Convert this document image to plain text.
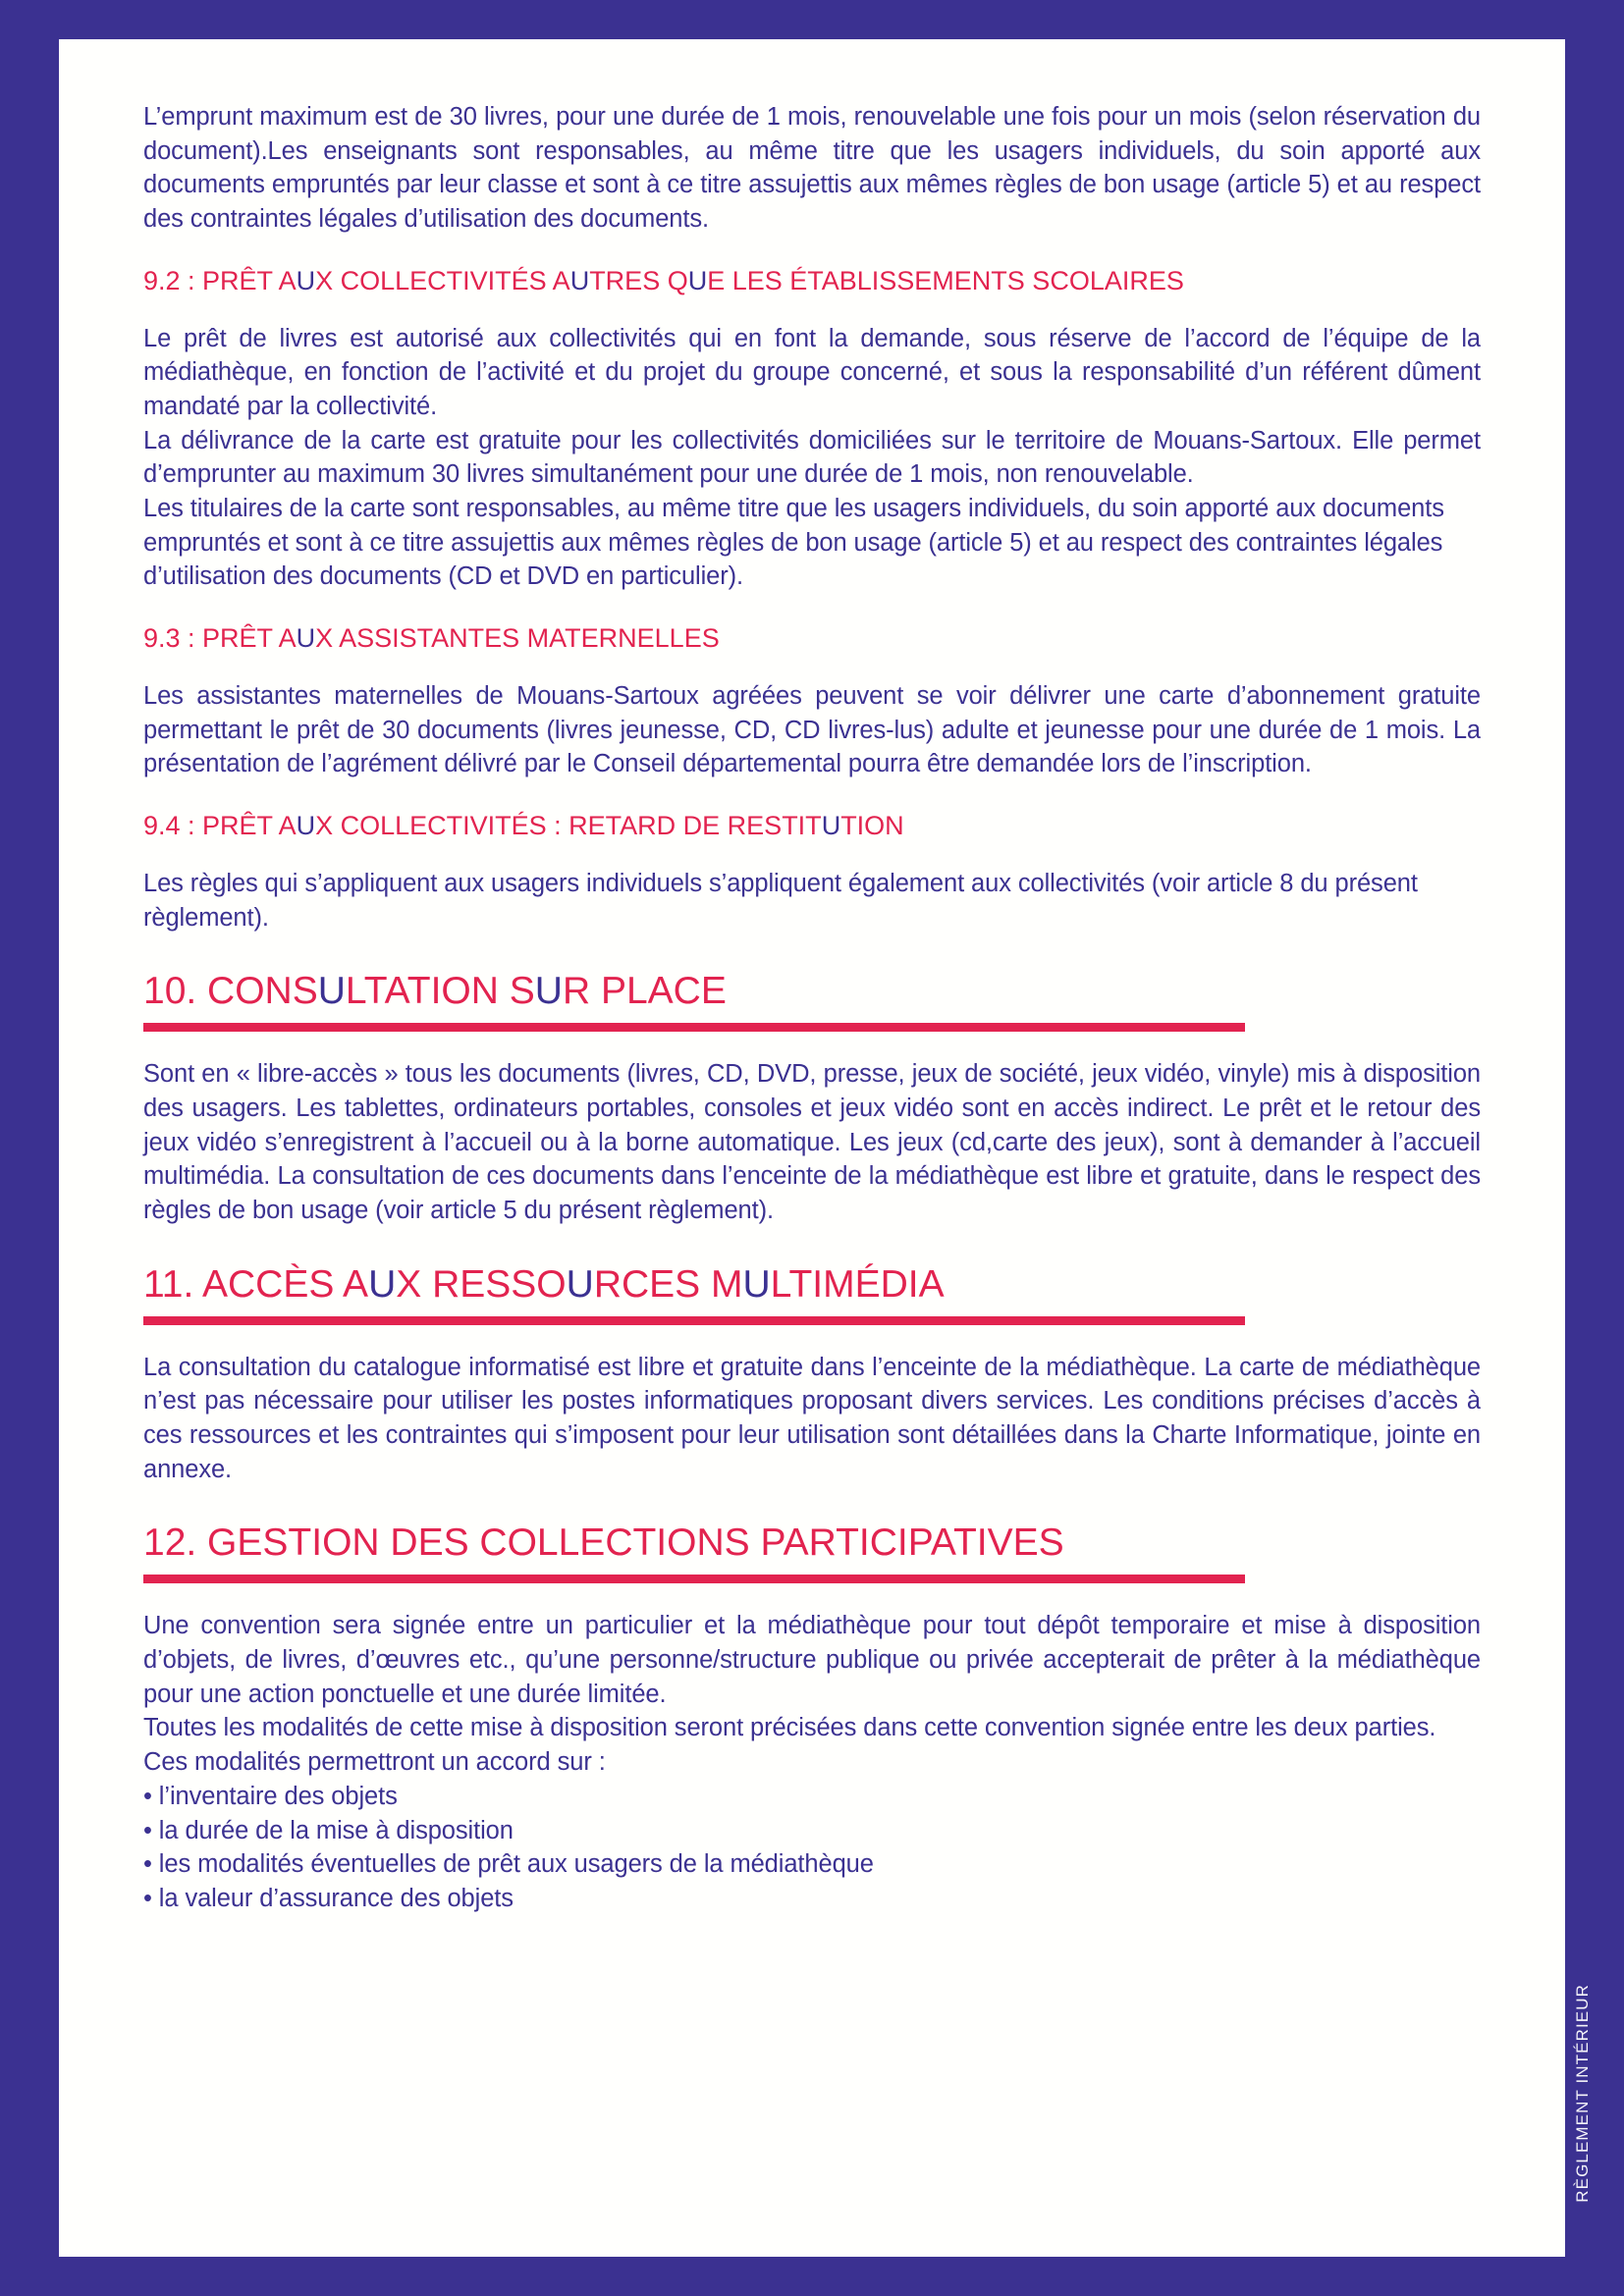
L’emprunt maximum est de 30 livres, pour une durée de 1 mois, renouvelable une fois pour un mois (selon réservation du document).Les enseignants sont responsables, au même titre que les usagers individuels, du soin apporté aux documents empruntés par leur classe et sont à ce titre assujettis aux mêmes règles de bon usage (article 5) et au respect des contraintes légales d’utilisation des documents.

9.2 : PRÊT AUX COLLECTIVITÉS AUTRES QUE LES ÉTABLISSEMENTS SCOLAIRES

Le prêt de livres est autorisé aux collectivités qui en font la demande, sous réserve de l’accord de l’équipe de la médiathèque, en fonction de l’activité et du projet du groupe concerné, et sous la responsabilité d’un référent dûment mandaté par la collectivité.

La délivrance de la carte est gratuite pour les collectivités domiciliées sur le territoire de Mouans-Sartoux. Elle permet d’emprunter au maximum 30 livres simultanément pour une durée de 1 mois, non renouvelable.

Les titulaires de la carte sont responsables, au même titre que les usagers individuels, du soin apporté aux documents empruntés et sont à ce titre assujettis aux mêmes règles de bon usage (article 5) et au respect des contraintes légales d’utilisation des documents (CD et DVD en particulier).

9.3 : PRÊT AUX ASSISTANTES MATERNELLES

Les assistantes maternelles de Mouans-Sartoux agréées peuvent se voir délivrer une carte d’abonnement gratuite permettant le prêt de 30 documents (livres jeunesse, CD, CD livres-lus) adulte et jeunesse pour une durée de 1 mois. La présentation de l’agrément délivré par le Conseil départemental pourra être demandée lors de l’inscription.

9.4 : PRÊT AUX COLLECTIVITÉS : RETARD DE RESTITUTION

Les règles qui s’appliquent aux usagers individuels s’appliquent également aux collectivités (voir article 8 du présent règlement).

10. CONSULTATION SUR PLACE

Sont en « libre-accès » tous les documents (livres, CD, DVD, presse, jeux de société, jeux vidéo, vinyle) mis à disposition des usagers. Les tablettes, ordinateurs portables, consoles et jeux vidéo sont en accès indirect. Le prêt et le retour des jeux vidéo s’enregistrent à l’accueil ou à la borne automatique. Les jeux (cd,carte des jeux), sont à demander à l’accueil multimédia. La consultation de ces documents dans l’enceinte de la médiathèque est libre et gratuite, dans le respect des règles de bon usage (voir article 5 du présent règlement).

11. ACCÈS AUX RESSOURCES MULTIMÉDIA

La consultation du catalogue informatisé est libre et gratuite dans l’enceinte de la médiathèque. La carte de médiathèque n’est pas nécessaire pour utiliser les postes informatiques proposant divers services. Les conditions précises d’accès à ces ressources et les contraintes qui s’imposent pour leur utilisation sont détaillées dans la Charte Informatique, jointe en annexe.

12. GESTION DES COLLECTIONS PARTICIPATIVES

Une convention sera signée entre un particulier et la médiathèque pour tout dépôt temporaire et mise à disposition d’objets, de livres, d’œuvres etc., qu’une personne/structure publique ou privée accepterait de prêter à la médiathèque pour une action ponctuelle et une durée limitée.

Toutes les modalités de cette mise à disposition seront précisées dans cette convention signée entre les deux parties.

Ces modalités permettront un accord sur :

• l’inventaire des objets

• la durée de la mise à disposition

• les modalités éventuelles de prêt aux usagers de la médiathèque

• la valeur d’assurance des objets

RÈGLEMENT INTÉRIEUR
